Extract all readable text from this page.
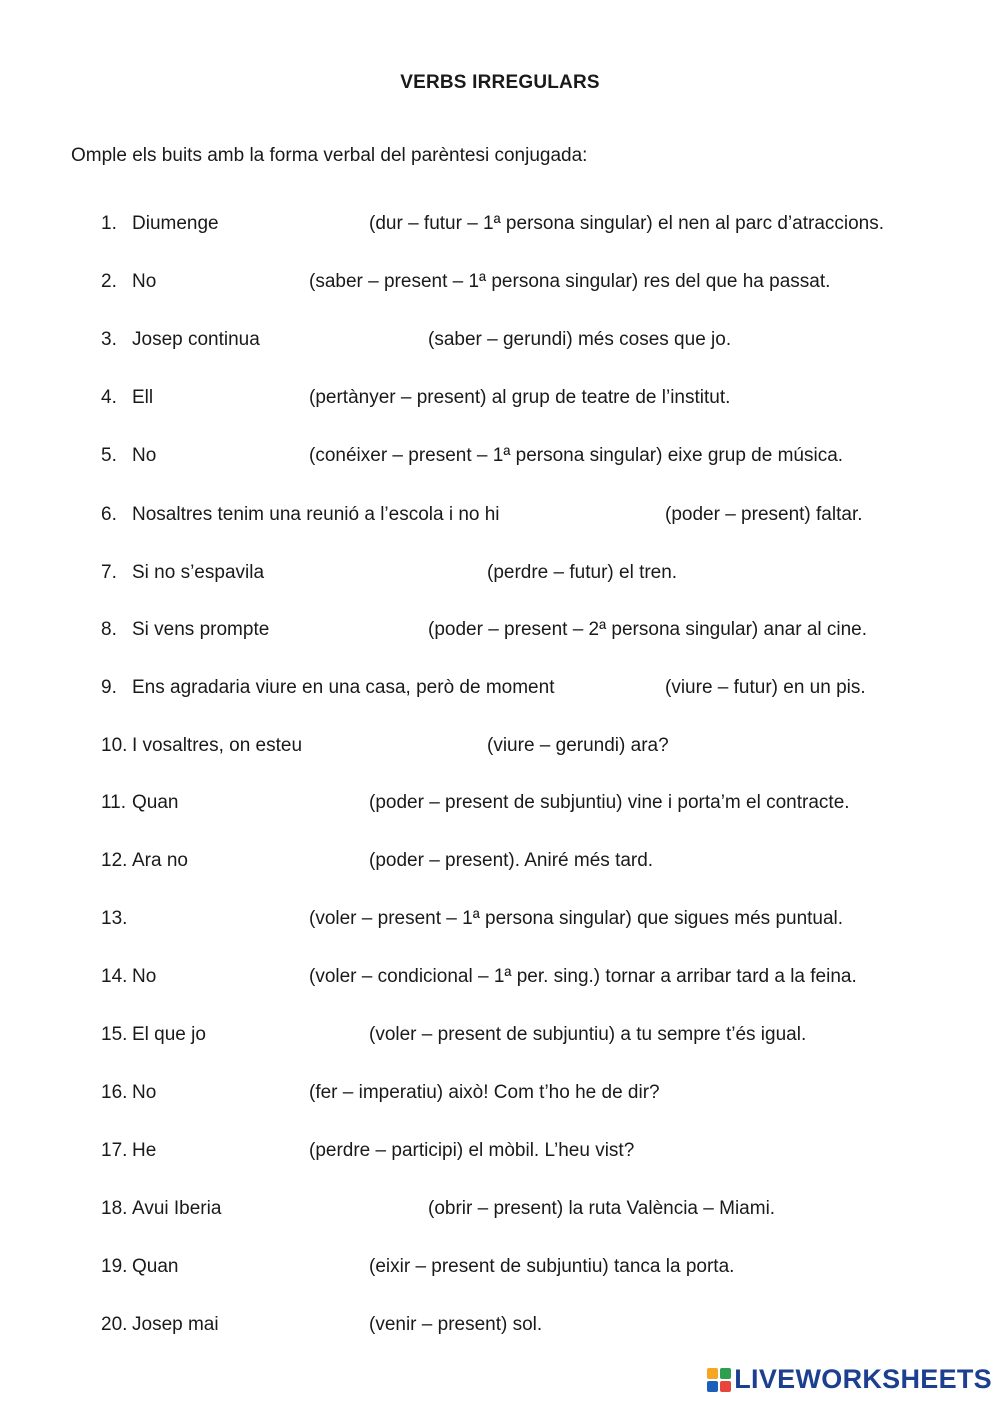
VERBS IRREGULARS
Omple els buits amb la forma verbal del parèntesi conjugada:
1. Diumenge	(dur – futur – 1ª persona singular) el nen al parc d’atraccions.
2. No	(saber – present – 1ª persona singular) res del que ha passat.
3. Josep continua	(saber – gerundi) més coses que jo.
4. Ell	(pertànyer – present) al grup de teatre de l’institut.
5. No	(conéixer – present – 1ª persona singular) eixe grup de música.
6. Nosaltres tenim una reunió a l’escola i no hi	(poder – present) faltar.
7. Si no s’espavila	(perdre – futur) el tren.
8. Si vens prompte	(poder – present – 2ª persona singular) anar al cine.
9. Ens agradaria viure en una casa, però de moment	(viure – futur) en un pis.
10. I vosaltres, on esteu	(viure – gerundi) ara?
11. Quan	(poder – present de subjuntiu) vine i porta’m el contracte.
12. Ara no	(poder – present). Aniré més tard.
13.	(voler – present – 1ª persona singular) que sigues més puntual.
14. No	(voler – condicional – 1ª per. sing.) tornar a arribar tard a la feina.
15. El que jo	(voler – present de subjuntiu) a tu sempre t’és igual.
16. No	(fer – imperatiu) això! Com t’ho he de dir?
17. He	(perdre – participi) el mòbil. L’heu vist?
18. Avui Iberia	(obrir – present) la ruta València – Miami.
19. Quan	(eixir – present de subjuntiu) tanca la porta.
20. Josep mai	(venir – present) sol.
LIVEWORKSHEETS
